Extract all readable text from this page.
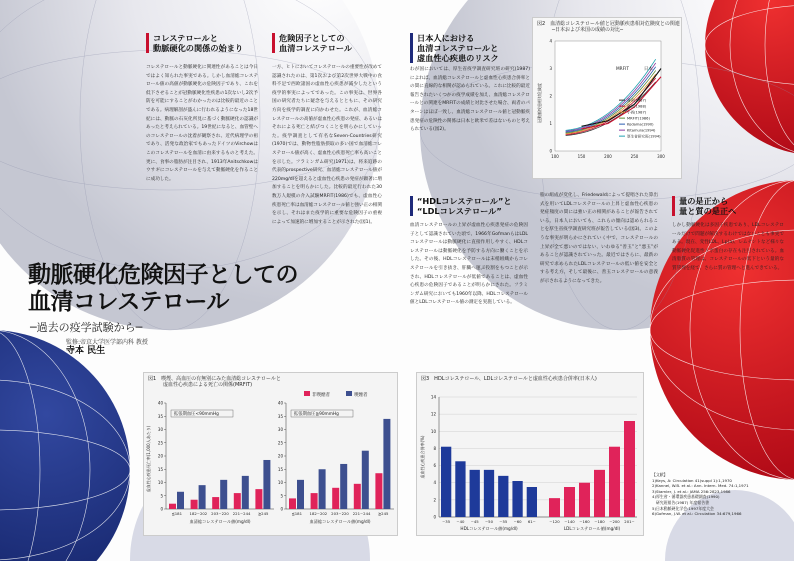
コレステロールと
動脈硬化の関係の始まり
コレステロールと動脈硬化に関連性があることは今日ではよく知られた事実である。しかし血清総コレステロール値の高値が動脈硬化の危険因子であり、これを低下させることが冠動脈硬化性疾患の1次ないし2次予防を可能にすることがわかったのは比較的最近のことである。病理解剖が盛んに行われるようになった18世紀には、動脈の石灰化所見に基づく動脈硬化の認識があったと考えられている。19世紀になると、血管壁へのコレステロールの沈着が観察され、近代病理学の祖であり、活発な政治家でもあったドイツのVirchowはこのコレステロールを血清に由来するものと考えた。更に、食事の脂肪が注目され、1913年Anitschkowはウサギにコレステロールを与えて動脈硬化を作ることに成功した。
危険因子としての
血清コレステロール
一方、ヒトにおいてコレステロールの重要性が改めて認識されたのは、第1次および第2次世界大戦中の食料不足で西欧諸国の虚血性心疾患が減少したという疫学的事実によってであった。この事実は、世界各国の研究者たちに疑念を与えるとともに、その研究方向を疫学的調査に向かわせた。これが、血清総コレステロールの高値が虚血性心疾患の発症、あるいはそれによる死亡と結びつくことを明らかにしていった。疫学調査として有名なSeven-Countries研究(1970)では、動物性脂肪摂取の多い国で血清総コレステロール値が高く、虚血性心疾患死亡率も高いことを示した。フラミンガム研究(1971)は、将来追跡の代表的prospective研究、血清総コレステロール値が220mg/dlを超えると虚血性心疾患の発症が顕著に増加することを明らかにした。比較的最近行われた30数万人規模の介入試験MRFIT(1986)でも、虚血性心疾患死亡率は血清総コレステロール値と強い正の相関を示し、それはまた疫学的に重要な危険因子の重複によって加速的に増加することが示された(図1)。
日本人における
血清コレステロールと
虚血性心疾患のリスク
わが国においては、厚生省疫学調査研究班の研究(1987)によれば、血清総コレステロールと虚血性心疾患合併率との間に直線的な相関が認められている。これに比較的最近報告されたいくつかの疫学成績を加え、血清総コレステロールとの関連をMRFITの成績と対比させた場合、両者のパターンはほぼ一致し、血清総コレステロール値と冠動脈疾患発症の危険性の関係は日本と欧米で差はないものと考えられている(図2)。
“HDLコレステロール”と
“LDLコレステロール”
血清コレステロールの上昇が虚血性心疾患発症の危険因子として認識されていた頃で、1966年GofmanらはLDLコレステロールは動脈硬化に直接作用しやすく、HDLコレステロールは動脈硬化を予防する方向に働くことを示した。その後、HDLコレステロールは末梢組織からコレステロールを引き抜き、肝臓へ運ぶ役割をもつことが示され、HDLコレステロールが低値であることは、虚血性心疾患の危険因子であることが明らかにされた。フラミンガム研究においても1960年以降、HDLコレステロール値とLDLコレステロール値の測定を実施している。
脂の組成が変化し、Friedewaldによって提唱された算出式を用いてLDLコレステロールの上昇と虚血性心疾患の発症頻度の間には強い正の相関があることが報告されている。日本人においても、これらの傾向は認められることを厚生省疫学調査研究班が報告している(図3)。このような事実が明らかにされていく中で、コレステロールの上昇が全て悪いのではない、いわゆる“善玉”と“悪玉”があることが認識されていった。最近ではさらに、最新の研究で求められたLDLコレステロールの低い値を安全とする考え方、そして最後に、善玉コレステロールの意義が示されるようになってきた。
量の是正から
量と質の是正へ
しかし動脈硬化は多因子疾患であり、LDLコレステロールだけで問題が解決するわけではないことも事実である。現在、変性LDL、Lp(a)、レムナントなど様々な動脈硬化促進性リポ蛋白の存在も注目されている。血清脂質の管理は、コレステロールの低下という量的な質管理を経て、さらに質の管理へと進んできている。
動脈硬化危険因子としての
血清コレステロール
─過去の疫学試験から─
監修:帝京大学医学部内科 教授
寺本 民生
図1　喫煙、高血圧の有無別にみた血清総コレステロールと
　　　虚血性心疾患による死亡の関係(MRFIT)
非喫煙者	喫煙者
虚血性心疾患死亡率(1,000人あたり)
0
5
10
15
20
25
30
35
40
拡張期血圧<90mmHg
≦181 182~202 203~220 221~244 ≧245
血清総コレステロール値(mg/dl)
0
5
10
15
20
25
30
35
40
拡張期血圧≧90mmHg
≦181 182~202 203~220 221~244 ≧245
血清総コレステロール値(mg/dl)
図2　血清総コレステロール値と冠動脈疾患相対危険度との関連
　　　─日本および米国の成績の対比─
0
1
2
3
4
100	150	200	250	300
冠動脈疾患相対危険度
MRFIT	日本
喜多(1987)
藤田(1988)
小西(1987)
MRFIT(1986)
Kodama(1990)
Kitamura(1994)
厚生省研究班(1994)
図3　HDLコレステロール、LDLコレステロールと虚血性心疾患合併率(日本人)
虚血性心疾患合併率(%)
0
2
4
6
8
10
12
14
~35 ~40 ~45 ~50 ~55 ~60 61~
HDLコレステロール値(mg/dl)
~120 ~140 ~160 ~180 ~200 201~
LDLコレステロール値(mg/dl)
【文献】
1)Keys, A: Circulation 41(suppl 1):1,1970
2)Kannel, W.B. et al.: Ann. Intern. Med. 74:1,1971
3)Stamler, J. et al.: JAMA 256:2823,1986
4)厚生省・循環器疾患基礎調査(1990)
　研究班報告(1987) 年度報告書
5)日本動脈硬化学会:1997年度大会
6)Gofman, J.W. et al.: Circulation 34:679,1966
